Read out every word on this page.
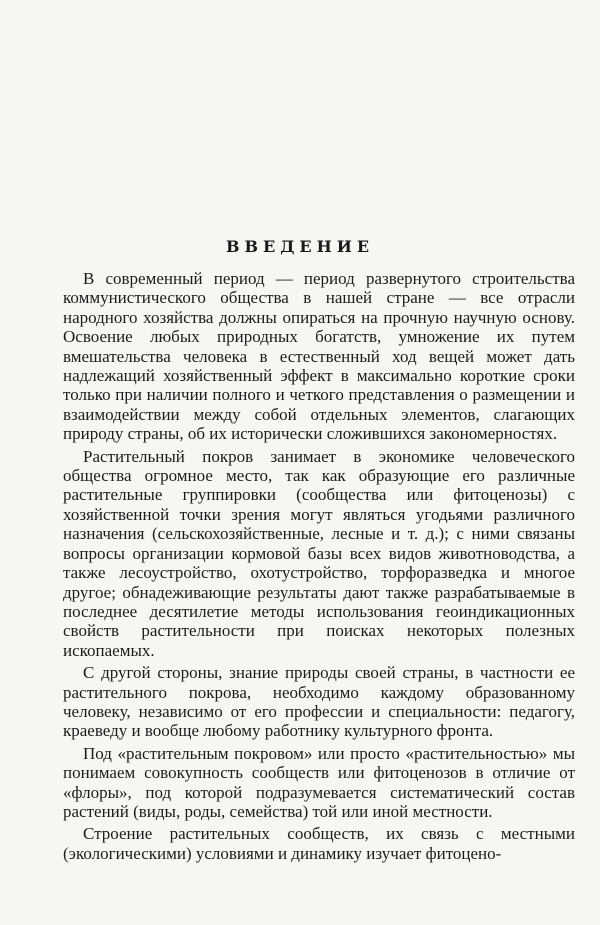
ВВЕДЕНИЕ

В современный период — период развернутого строительства коммунистического общества в нашей стране — все отрасли народного хозяйства должны опираться на прочную научную основу. Освоение любых природных богатств, умножение их путем вмешательства человека в естественный ход вещей может дать надлежащий хозяйственный эффект в максимально короткие сроки только при наличии полного и четкого представления о размещении и взаимодействии между собой отдельных элементов, слагающих природу страны, об их исторически сложившихся закономерностях.

Растительный покров занимает в экономике человеческого общества огромное место, так как образующие его различные растительные группировки (сообщества или фитоценозы) с хозяйственной точки зрения могут являться угодьями различного назначения (сельскохозяйственные, лесные и т. д.); с ними связаны вопросы организации кормовой базы всех видов животноводства, а также лесоустройство, охотустройство, торфоразведка и многое другое; обнадеживающие результаты дают также разрабатываемые в последнее десятилетие методы использования геоиндикационных свойств растительности при поисках некоторых полезных ископаемых.

С другой стороны, знание природы своей страны, в частности ее растительного покрова, необходимо каждому образованному человеку, независимо от его профессии и специальности: педагогу, краеведу и вообще любому работнику культурного фронта.

Под «растительным покровом» или просто «растительностью» мы понимаем совокупность сообществ или фитоценозов в отличие от «флоры», под которой подразумевается систематический состав растений (виды, роды, семейства) той или иной местности.

Строение растительных сообществ, их связь с местными (экологическими) условиями и динамику изучает фитоцено-
